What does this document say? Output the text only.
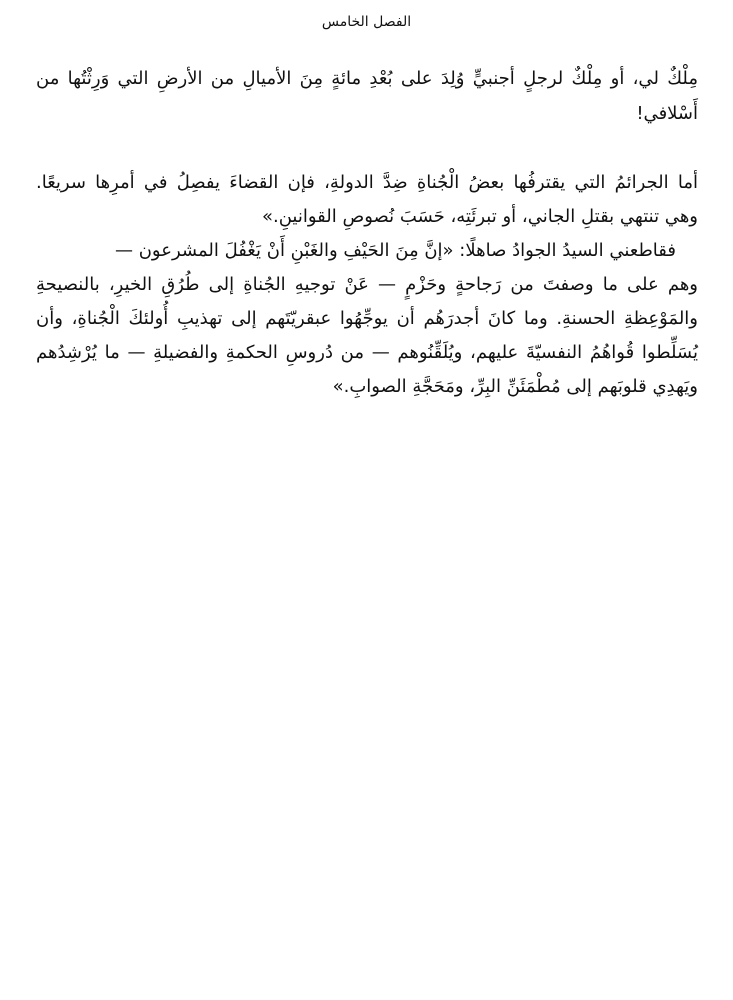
الفصل الخامس
مِلْكٌ لي، أو مِلْكٌ لرجلٍ أجنبيٍّ وُلِدَ على بُعْدِ مائةٍ مِنَ الأميالِ من الأرضِ التي وَرِثْتُها من
أَسْلافي!
أما الجرائمُ التي يقترفُها بعضُ الْجُناةِ ضِدَّ الدولةِ، فإن القضاءَ يفصِلُ في أمرِها سريعًا.
وهي تنتهي بقتلِ الجاني، أو تبرئَتِه، حَسَبَ نُصوصِ القوانينِ.»
فقاطعني السيدُ الجوادُ صاهلًا: «إنَّ مِنَ الحَيْفِ والغَبْنِ أَنْ يَغْفُلَ المشرعون —
وهم على ما وصفتَ من رَجاحةٍ وحَزْمٍ — عَنْ توجيهِ الجُناةِ إلى طُرُقِ الخيرِ، بالنصيحةِ
والمَوْعِظةِ الحسنةِ. وما كانَ أجدرَهُم أن يوجِّهُوا عبقريّتَهم إلى تهذيبِ أُولئكَ الْجُناةِ، وأن
يُسَلِّطوا قُواهُمُ النفسيّةَ عليهم، ويُلَقِّنُوهم — من دُروسِ الحكمةِ والفضيلةِ — ما يُرْشِدُهم
ويَهدِي قلوبَهم إلى مُطْمَئَنِّ البِرِّ، ومَحَجَّةِ الصوابِ.»
